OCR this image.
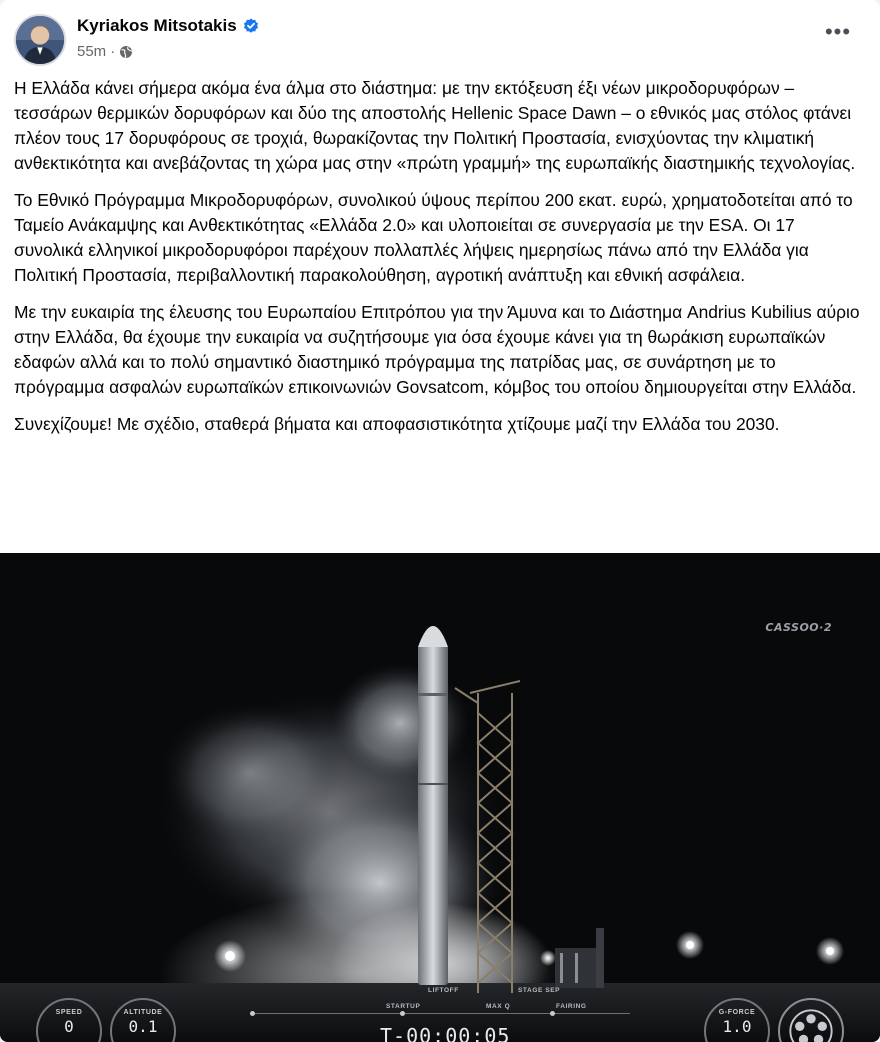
Kyriakos Mitsotakis
55m ·
•••

Η Ελλάδα κάνει σήμερα ακόμα ένα άλμα στο διάστημα: με την εκτόξευση έξι νέων μικροδορυφόρων – τεσσάρων θερμικών δορυφόρων και δύο της αποστολής Hellenic Space Dawn – ο εθνικός μας στόλος φτάνει πλέον τους 17 δορυφόρους σε τροχιά, θωρακίζοντας την Πολιτική Προστασία, ενισχύοντας την κλιματική ανθεκτικότητα και ανεβάζοντας τη χώρα μας στην «πρώτη γραμμή» της ευρωπαϊκής διαστημικής τεχνολογίας.

Το Εθνικό Πρόγραμμα Μικροδορυφόρων, συνολικού ύψους περίπου 200 εκατ. ευρώ, χρηματοδοτείται από το Ταμείο Ανάκαμψης και Ανθεκτικότητας «Ελλάδα 2.0» και υλοποιείται σε συνεργασία με την ESA. Οι 17 συνολικά ελληνικοί μικροδορυφόροι παρέχουν πολλαπλές λήψεις ημερησίως πάνω από την Ελλάδα για Πολιτική Προστασία, περιβαλλοντική παρακολούθηση, αγροτική ανάπτυξη και εθνική ασφάλεια.

Με την ευκαιρία της έλευσης του Ευρωπαίου Επιτρόπου για την Άμυνα και το Διάστημα Andrius Kubilius αύριο στην Ελλάδα, θα έχουμε την ευκαιρία να συζητήσουμε για όσα έχουμε κάνει για τη θωράκιση ευρωπαϊκών εδαφών αλλά και το πολύ σημαντικό διαστημικό πρόγραμμα της πατρίδας μας, σε συνάρτηση με το πρόγραμμα ασφαλών ευρωπαϊκών επικοινωνιών Govsatcom, κόμβος του οποίου δημιουργείται στην Ελλάδα.

Συνεχίζουμε! Με σχέδιο, σταθερά βήματα και αποφασιστικότητα χτίζουμε μαζί την Ελλάδα του 2030.

CASSOO·2
SPEED
0
ALTITUDE
0.1
LIFTOFF	STAGE SEP
STARTUP	MAX Q	FAIRING
T-00:00:05
G-FORCE
1.0
